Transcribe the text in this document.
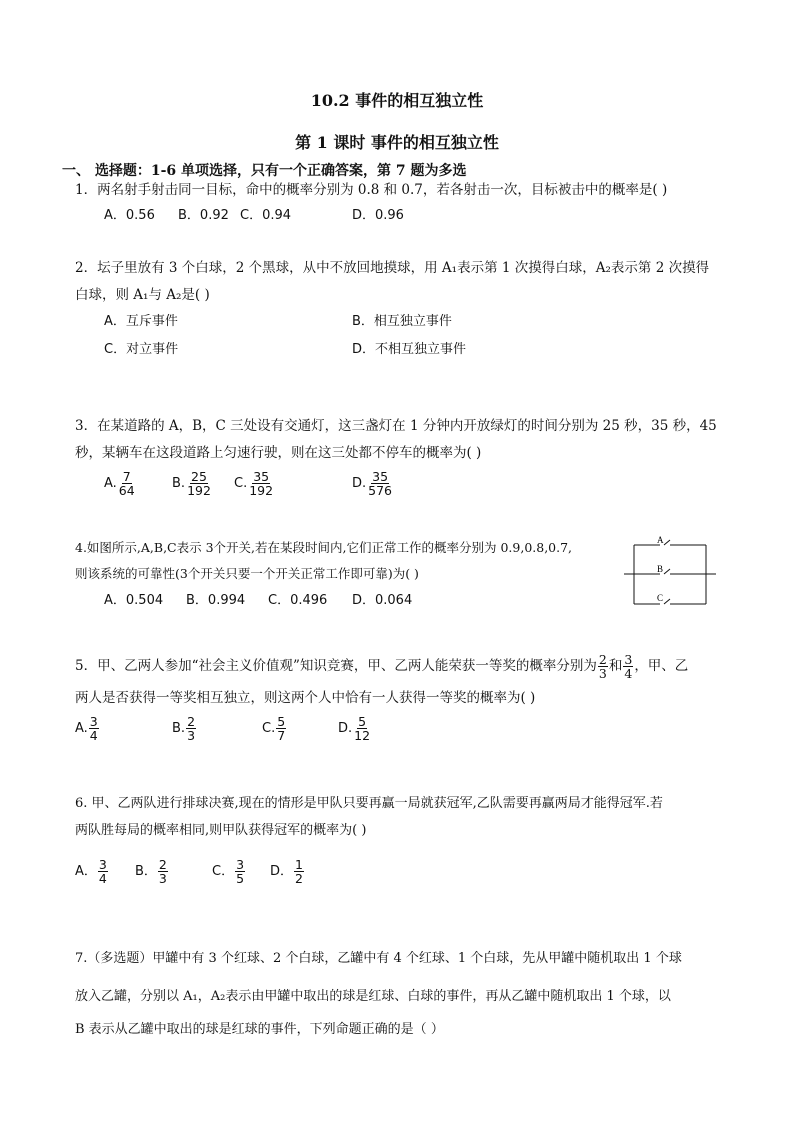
10.2 事件的相互独立性
第 1 课时 事件的相互独立性
一、 选择题：1-6 单项选择，只有一个正确答案，第 7 题为多选
1．两名射手射击同一目标，命中的概率分别为 0.8 和 0.7，若各射击一次，目标被击中的概率是( )
A．0.56 B．0.92 C．0.94	D．0.96
2．坛子里放有 3 个白球，2 个黑球，从中不放回地摸球，用 A₁表示第 1 次摸得白球，A₂表示第 2 次摸得
白球，则 A₁与 A₂是( )
A．互斥事件	B．相互独立事件
C．对立事件	D．不相互独立事件
3．在某道路的 A，B，C 三处设有交通灯，这三盏灯在 1 分钟内开放绿灯的时间分别为 25 秒，35 秒，45
秒，某辆车在这段道路上匀速行驶，则在这三处都不停车的概率为( )
A. $\frac{7}{64}$	B. $\frac{25}{192} C$. $\frac{35}{192}$	D. $\frac{35}{576}$
4.如图所示,A,B,C表示 3个开关,若在某段时间内,它们正常工作的概率分别为 0.9,0.8,0.7,
则该系统的可靠性(3个开关只要一个开关正常工作即可靠)为( )
A．0.504 B．0.994 C．0.496 D．0.064
A
B
C
5．甲、乙两人参加“社会主义价值观”知识竞赛，甲、乙两人能荣获一等奖的概率分别为 $\frac{2}{3}$ 和 $\frac{3}{4}$ ，甲、乙
两人是否获得一等奖相互独立，则这两个人中恰有一人获得一等奖的概率为( )
A. $\frac{3}{4}$	B. $\frac{2}{3}$	C. $\frac{5}{7}$	D. $\frac{5}{12}$
6. 甲、乙两队进行排球决赛,现在的情形是甲队只要再赢一局就获冠军,乙队需要再赢两局才能得冠军.若
两队胜每局的概率相同,则甲队获得冠军的概率为( )
A． $\frac{3}{4}$ B． $\frac{2}{3}$	C． $\frac{3}{5}$ D． $\frac{1}{2}$
7.（多选题）甲罐中有 3 个红球、2 个白球，乙罐中有 4 个红球、1 个白球，先从甲罐中随机取出 1 个球
放入乙罐，分别以 A₁，A₂表示由甲罐中取出的球是红球、白球的事件，再从乙罐中随机取出 1 个球，以
B 表示从乙罐中取出的球是红球的事件，下列命题正确的是（ ）
